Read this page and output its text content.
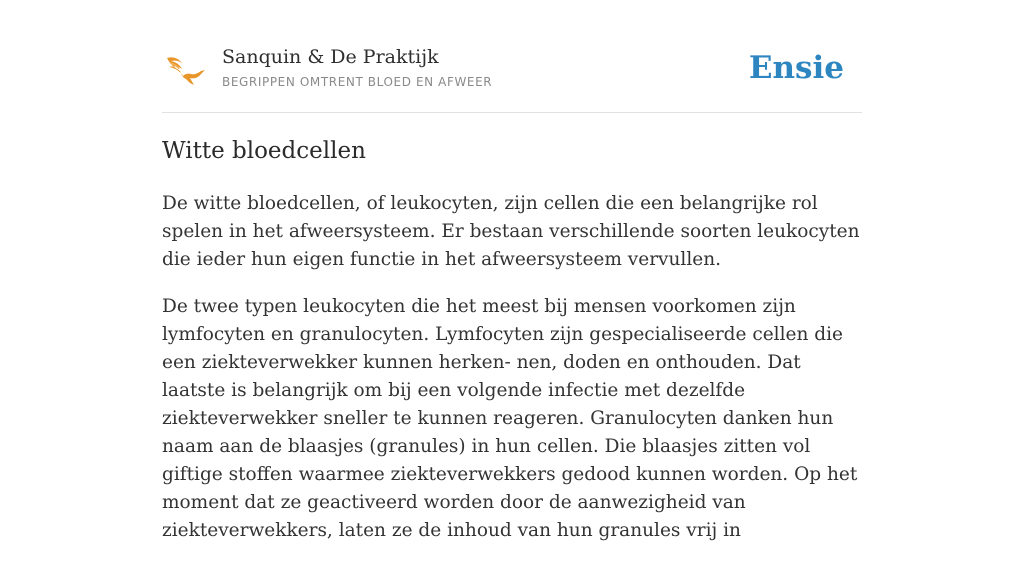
Sanquin & De Praktijk
BEGRIPPEN OMTRENT BLOED EN AFWEER	Ensie
Witte bloedcellen

De witte bloedcellen, of leukocyten, zijn cellen die een belangrijke rol spelen in het afweersysteem. Er bestaan verschillende soorten leukocyten die ieder hun eigen functie in het afweersysteem vervullen.

De twee typen leukocyten die het meest bij mensen voorkomen zijn lymfocyten en granulocyten. Lymfocyten zijn gespecialiseerde cellen die een ziekteverwekker kunnen herken- nen, doden en onthouden. Dat laatste is belangrijk om bij een volgende infectie met dezelfde ziekteverwekker sneller te kunnen reageren. Granulocyten danken hun naam aan de blaasjes (granules) in hun cellen. Die blaasjes zitten vol giftige stoffen waarmee ziekteverwekkers gedood kunnen worden. Op het moment dat ze geactiveerd worden door de aanwezigheid van ziekteverwekkers, laten ze de inhoud van hun granules vrij in
